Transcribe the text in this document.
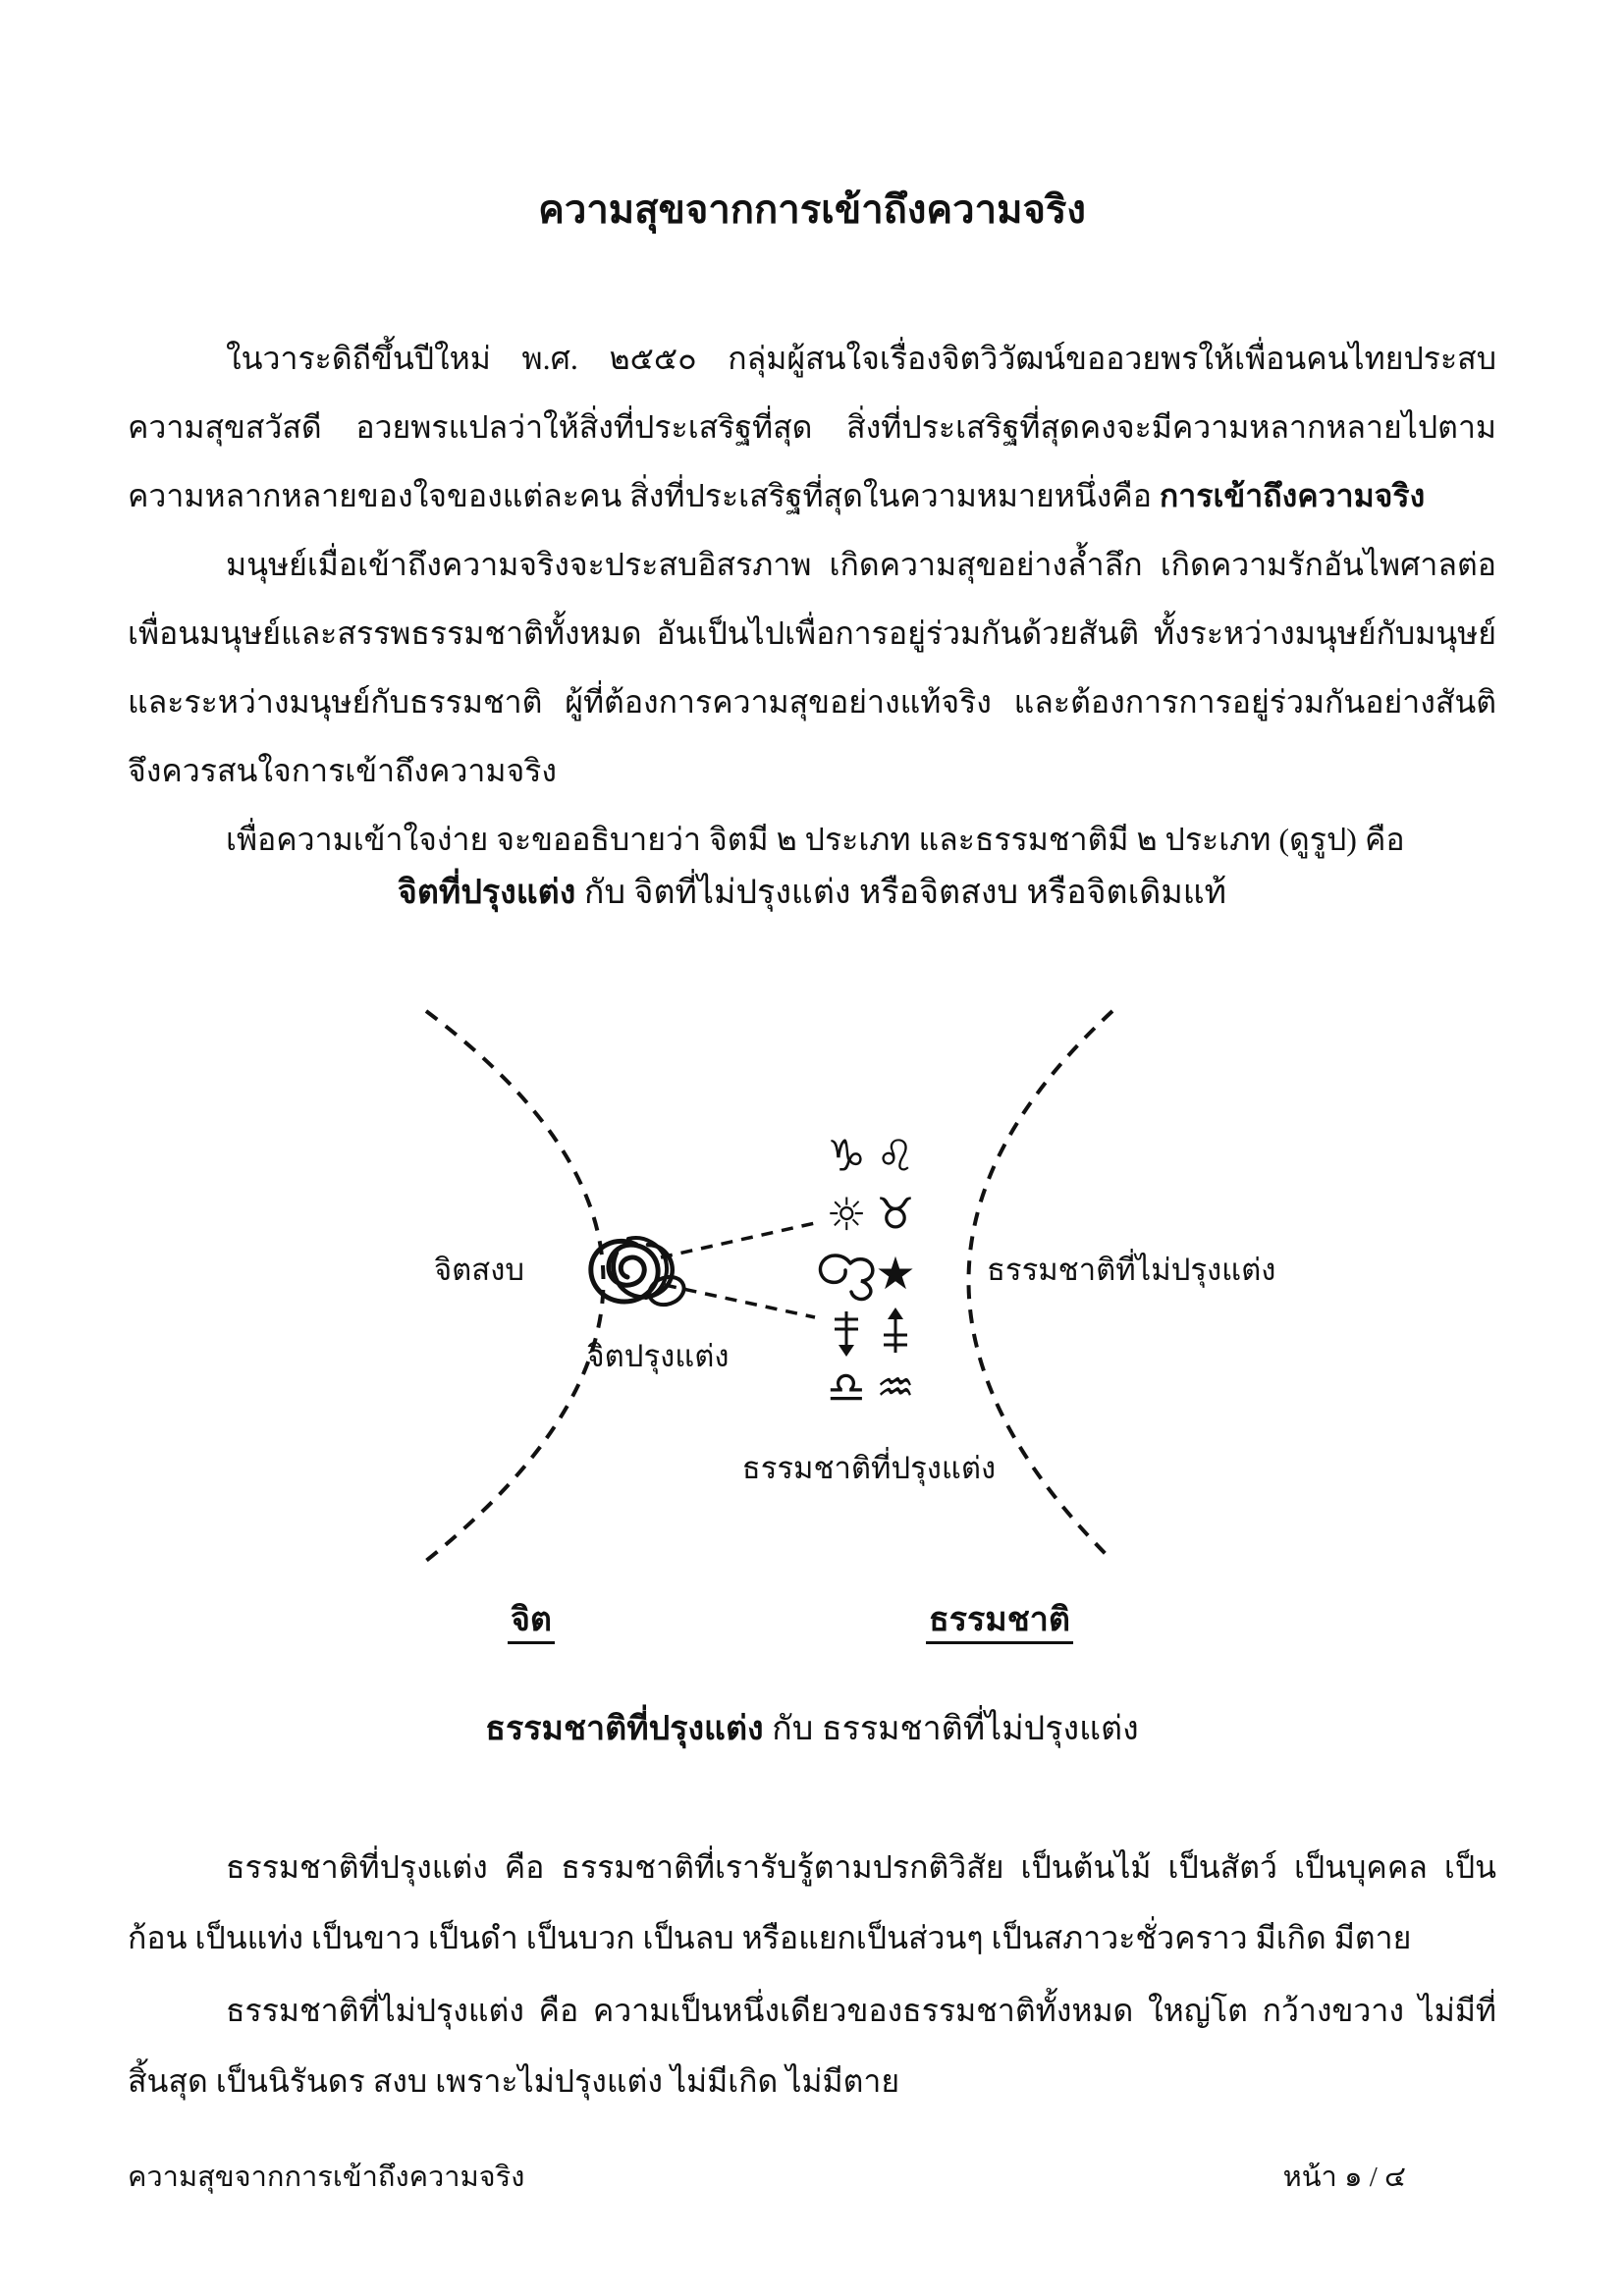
ความสุขจากการเข้าถึงความจริง

ในวาระดิถีขึ้นปีใหม่ พ.ศ. ๒๕๕๐ กลุ่มผู้สนใจเรื่องจิตวิวัฒน์ขออวยพรให้เพื่อนคนไทยประสบความสุขสวัสดี อวยพรแปลว่าให้สิ่งที่ประเสริฐที่สุด สิ่งที่ประเสริฐที่สุดคงจะมีความหลากหลายไปตามความหลากหลายของใจของแต่ละคน สิ่งที่ประเสริฐที่สุดในความหมายหนึ่งคือ การเข้าถึงความจริง

มนุษย์เมื่อเข้าถึงความจริงจะประสบอิสรภาพ เกิดความสุขอย่างล้ำลึก เกิดความรักอันไพศาลต่อเพื่อนมนุษย์และสรรพธรรมชาติทั้งหมด อันเป็นไปเพื่อการอยู่ร่วมกันด้วยสันติ ทั้งระหว่างมนุษย์กับมนุษย์และระหว่างมนุษย์กับธรรมชาติ ผู้ที่ต้องการความสุขอย่างแท้จริง และต้องการการอยู่ร่วมกันอย่างสันติ จึงควรสนใจการเข้าถึงความจริง

เพื่อความเข้าใจง่าย จะขออธิบายว่า จิตมี ๒ ประเภท และธรรมชาติมี ๒ ประเภท (ดูรูป) คือ

จิตที่ปรุงแต่ง กับ จิตที่ไม่ปรุงแต่ง หรือจิตสงบ หรือจิตเดิมแท้
♑ ♌
☼ ♉
★
♎ ♒
จิตสงบ
จิตปรุงแต่ง
ธรรมชาติที่ไม่ปรุงแต่ง
ธรรมชาติที่ปรุงแต่ง
จิต	ธรรมชาติ
ธรรมชาติที่ปรุงแต่ง กับ ธรรมชาติที่ไม่ปรุงแต่ง

ธรรมชาติที่ปรุงแต่ง คือ ธรรมชาติที่เรารับรู้ตามปรกติวิสัย เป็นต้นไม้ เป็นสัตว์ เป็นบุคคล เป็นก้อน เป็นแท่ง เป็นขาว เป็นดำ เป็นบวก เป็นลบ หรือแยกเป็นส่วนๆ เป็นสภาวะชั่วคราว มีเกิด มีตาย

ธรรมชาติที่ไม่ปรุงแต่ง คือ ความเป็นหนึ่งเดียวของธรรมชาติทั้งหมด ใหญ่โต กว้างขวาง ไม่มีที่สิ้นสุด เป็นนิรันดร สงบ เพราะไม่ปรุงแต่ง ไม่มีเกิด ไม่มีตาย

ความสุขจากการเข้าถึงความจริง	หน้า ๑ / ๔
